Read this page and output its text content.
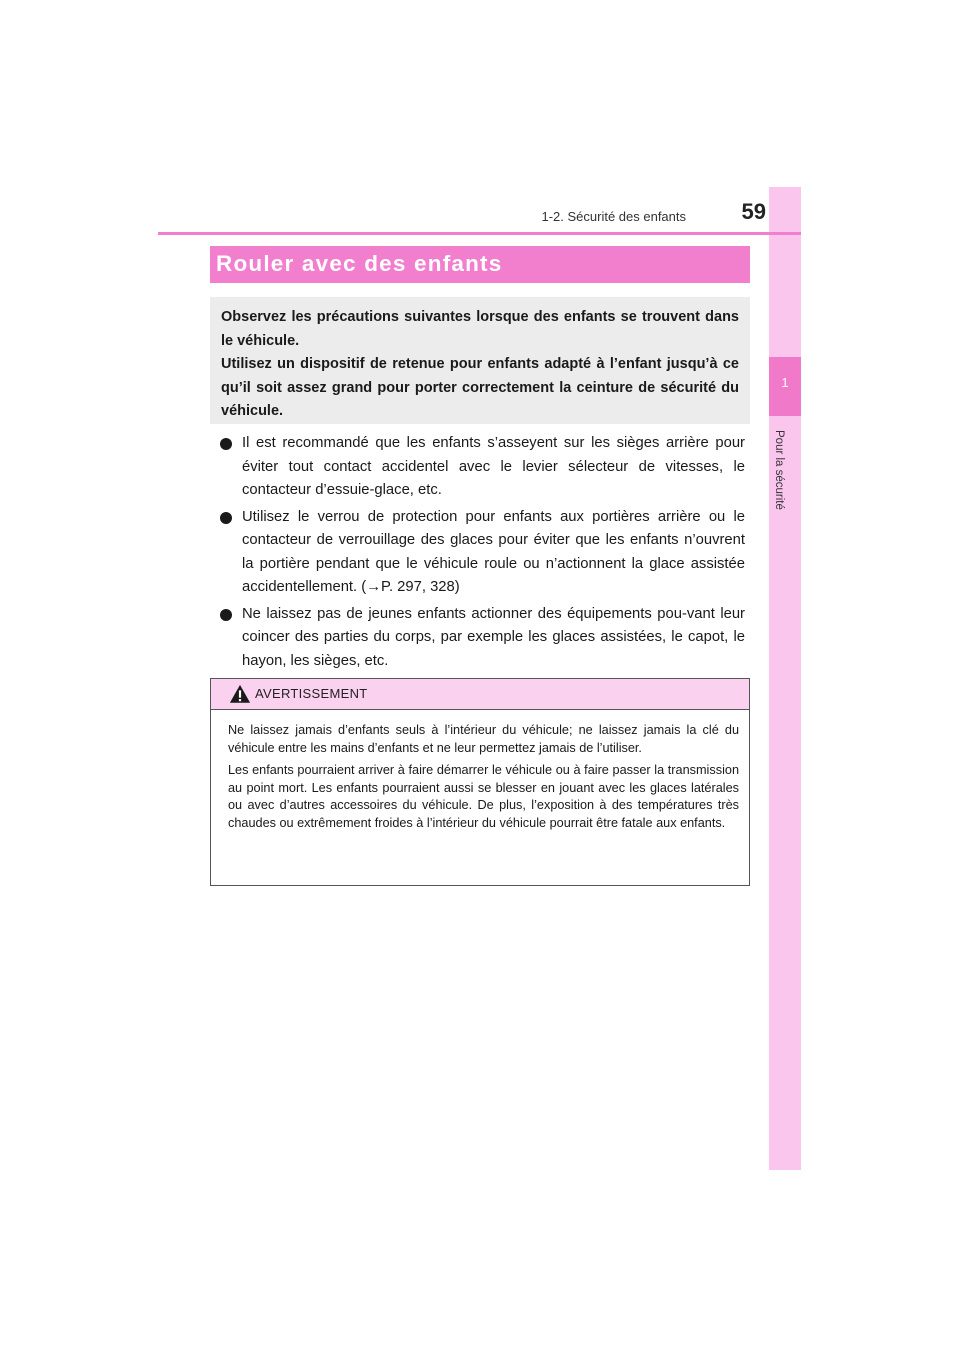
1
Pour la sécurité
1-2. Sécurité des enfants	59
Rouler avec des enfants

Observez les précautions suivantes lorsque des enfants se trouvent dans le véhicule.

Utilisez un dispositif de retenue pour enfants adapté à l’enfant jusqu’à ce qu’il soit assez grand pour porter correctement la ceinture de sécurité du véhicule.

Il est recommandé que les enfants s’asseyent sur les sièges arrière pour éviter tout contact accidentel avec le levier sélecteur de vitesses, le contacteur d’essuie-glace, etc.
Utilisez le verrou de protection pour enfants aux portières arrière ou le contacteur de verrouillage des glaces pour éviter que les enfants n’ouvrent la portière pendant que le véhicule roule ou n’actionnent la glace assistée accidentellement. (→P. 297, 328)
Ne laissez pas de jeunes enfants actionner des équipements pou-vant leur coincer des parties du corps, par exemple les glaces assistées, le capot, le hayon, les sièges, etc.
AVERTISSEMENT

Ne laissez jamais d’enfants seuls à l’intérieur du véhicule; ne laissez jamais la clé du véhicule entre les mains d’enfants et ne leur permettez jamais de l’utiliser.

Les enfants pourraient arriver à faire démarrer le véhicule ou à faire passer la transmission au point mort. Les enfants pourraient aussi se blesser en jouant avec les glaces latérales ou avec d’autres accessoires du véhicule. De plus, l’exposition à des températures très chaudes ou extrêmement froides à l’intérieur du véhicule pourrait être fatale aux enfants.
